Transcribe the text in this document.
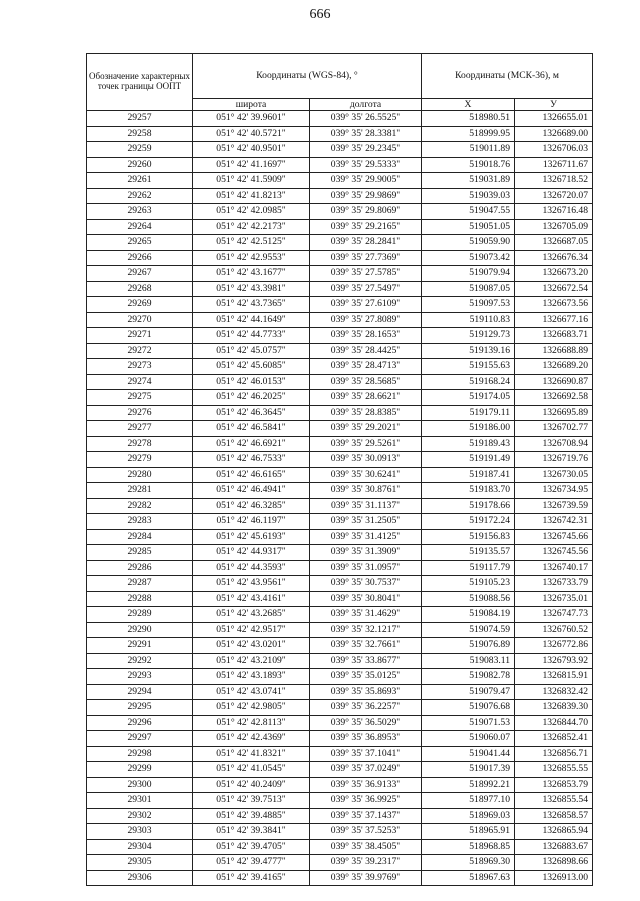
666
Обозначение характерных точек границы ООПТ	Координаты (WGS-84), °		Координаты (МСК-36), м	
	широта	долгота	X	У
29257	051° 42' 39.9601"	039° 35' 26.5525"	518980.51	1326655.01
29258	051° 42' 40.5721"	039° 35' 28.3381"	518999.95	1326689.00
29259	051° 42' 40.9501"	039° 35' 29.2345"	519011.89	1326706.03
29260	051° 42' 41.1697"	039° 35' 29.5333"	519018.76	1326711.67
29261	051° 42' 41.5909"	039° 35' 29.9005"	519031.89	1326718.52
29262	051° 42' 41.8213"	039° 35' 29.9869"	519039.03	1326720.07
29263	051° 42' 42.0985"	039° 35' 29.8069"	519047.55	1326716.48
29264	051° 42' 42.2173"	039° 35' 29.2165"	519051.05	1326705.09
29265	051° 42' 42.5125"	039° 35' 28.2841"	519059.90	1326687.05
29266	051° 42' 42.9553"	039° 35' 27.7369"	519073.42	1326676.34
29267	051° 42' 43.1677"	039° 35' 27.5785"	519079.94	1326673.20
29268	051° 42' 43.3981"	039° 35' 27.5497"	519087.05	1326672.54
29269	051° 42' 43.7365"	039° 35' 27.6109"	519097.53	1326673.56
29270	051° 42' 44.1649"	039° 35' 27.8089"	519110.83	1326677.16
29271	051° 42' 44.7733"	039° 35' 28.1653"	519129.73	1326683.71
29272	051° 42' 45.0757"	039° 35' 28.4425"	519139.16	1326688.89
29273	051° 42' 45.6085"	039° 35' 28.4713"	519155.63	1326689.20
29274	051° 42' 46.0153"	039° 35' 28.5685"	519168.24	1326690.87
29275	051° 42' 46.2025"	039° 35' 28.6621"	519174.05	1326692.58
29276	051° 42' 46.3645"	039° 35' 28.8385"	519179.11	1326695.89
29277	051° 42' 46.5841"	039° 35' 29.2021"	519186.00	1326702.77
29278	051° 42' 46.6921"	039° 35' 29.5261"	519189.43	1326708.94
29279	051° 42' 46.7533"	039° 35' 30.0913"	519191.49	1326719.76
29280	051° 42' 46.6165"	039° 35' 30.6241"	519187.41	1326730.05
29281	051° 42' 46.4941"	039° 35' 30.8761"	519183.70	1326734.95
29282	051° 42' 46.3285"	039° 35' 31.1137"	519178.66	1326739.59
29283	051° 42' 46.1197"	039° 35' 31.2505"	519172.24	1326742.31
29284	051° 42' 45.6193"	039° 35' 31.4125"	519156.83	1326745.66
29285	051° 42' 44.9317"	039° 35' 31.3909"	519135.57	1326745.56
29286	051° 42' 44.3593"	039° 35' 31.0957"	519117.79	1326740.17
29287	051° 42' 43.9561"	039° 35' 30.7537"	519105.23	1326733.79
29288	051° 42' 43.4161"	039° 35' 30.8041"	519088.56	1326735.01
29289	051° 42' 43.2685"	039° 35' 31.4629"	519084.19	1326747.73
29290	051° 42' 42.9517"	039° 35' 32.1217"	519074.59	1326760.52
29291	051° 42' 43.0201"	039° 35' 32.7661"	519076.89	1326772.86
29292	051° 42' 43.2109"	039° 35' 33.8677"	519083.11	1326793.92
29293	051° 42' 43.1893"	039° 35' 35.0125"	519082.78	1326815.91
29294	051° 42' 43.0741"	039° 35' 35.8693"	519079.47	1326832.42
29295	051° 42' 42.9805"	039° 35' 36.2257"	519076.68	1326839.30
29296	051° 42' 42.8113"	039° 35' 36.5029"	519071.53	1326844.70
29297	051° 42' 42.4369"	039° 35' 36.8953"	519060.07	1326852.41
29298	051° 42' 41.8321"	039° 35' 37.1041"	519041.44	1326856.71
29299	051° 42' 41.0545"	039° 35' 37.0249"	519017.39	1326855.55
29300	051° 42' 40.2409"	039° 35' 36.9133"	518992.21	1326853.79
29301	051° 42' 39.7513"	039° 35' 36.9925"	518977.10	1326855.54
29302	051° 42' 39.4885"	039° 35' 37.1437"	518969.03	1326858.57
29303	051° 42' 39.3841"	039° 35' 37.5253"	518965.91	1326865.94
29304	051° 42' 39.4705"	039° 35' 38.4505"	518968.85	1326883.67
29305	051° 42' 39.4777"	039° 35' 39.2317"	518969.30	1326898.66
29306	051° 42' 39.4165"	039° 35' 39.9769"	518967.63	1326913.00
